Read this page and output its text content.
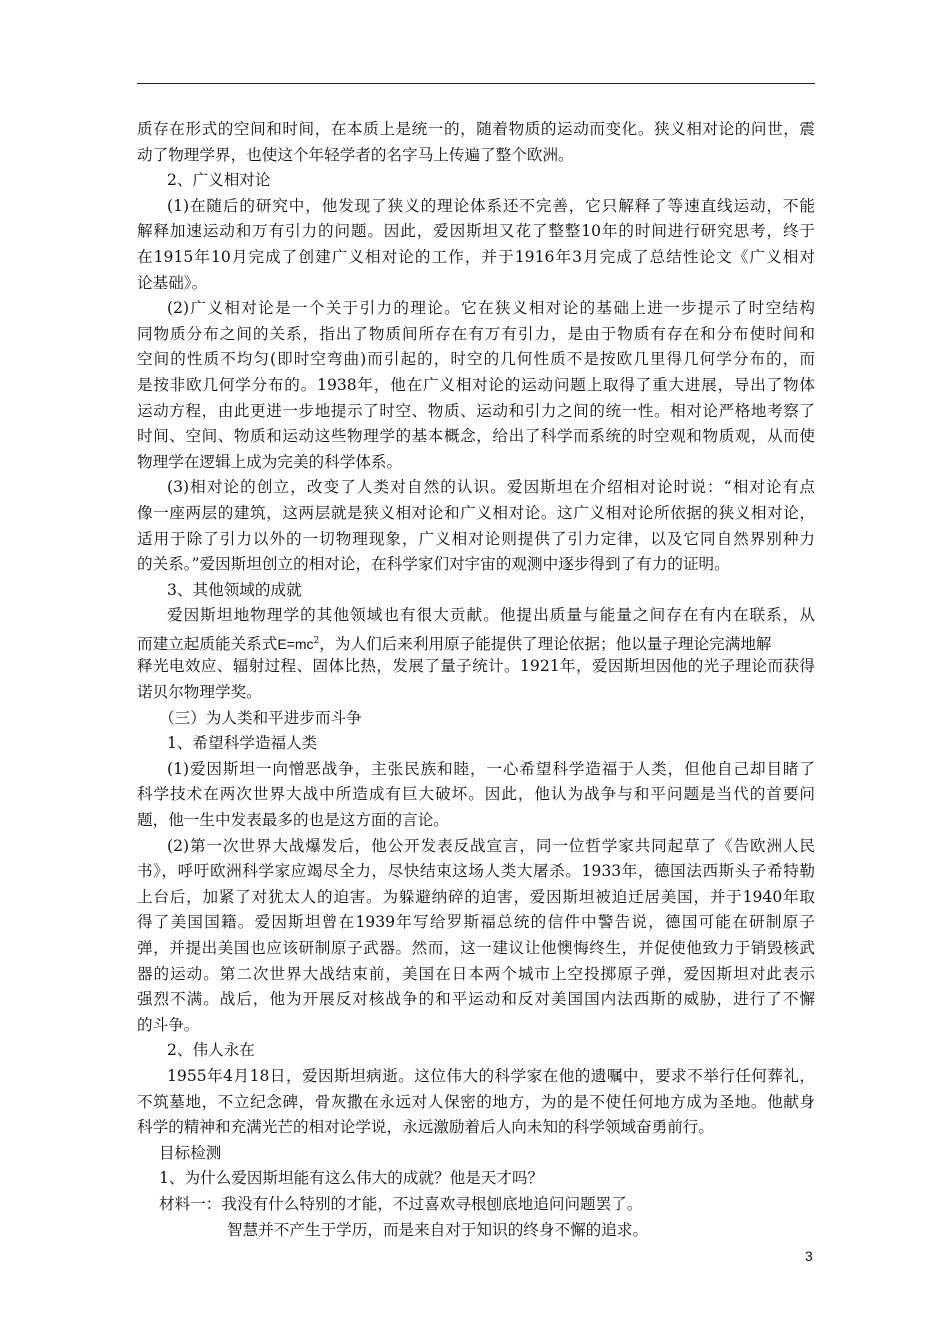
质存在形式的空间和时间，在本质上是统一的，随着物质的运动而变化。狭义相对论的问世，震
动了物理学界，也使这个年轻学者的名字马上传遍了整个欧洲。
2、广义相对论
(1)在随后的研究中，他发现了狭义的理论体系还不完善，它只解释了等速直线运动，不能
解释加速运动和万有引力的问题。因此，爱因斯坦又花了整整10年的时间进行研究思考，终于
在1915年10月完成了创建广义相对论的工作，并于1916年3月完成了总结性论文《广义相对
论基础》。
(2)广义相对论是一个关于引力的理论。它在狭义相对论的基础上进一步提示了时空结构
同物质分布之间的关系，指出了物质间所存在有万有引力，是由于物质有存在和分布使时间和
空间的性质不均匀(即时空弯曲)而引起的，时空的几何性质不是按欧几里得几何学分布的，而
是按非欧几何学分布的。1938年，他在广义相对论的运动问题上取得了重大进展，导出了物体
运动方程，由此更进一步地提示了时空、物质、运动和引力之间的统一性。相对论严格地考察了
时间、空间、物质和运动这些物理学的基本概念，给出了科学而系统的时空观和物质观，从而使
物理学在逻辑上成为完美的科学体系。
(3)相对论的创立，改变了人类对自然的认识。爱因斯坦在介绍相对论时说：“相对论有点
像一座两层的建筑，这两层就是狭义相对论和广义相对论。这广义相对论所依据的狭义相对论，
适用于除了引力以外的一切物理现象，广义相对论则提供了引力定律，以及它同自然界别种力
的关系。”爱因斯坦创立的相对论，在科学家们对宇宙的观测中逐步得到了有力的证明。
3、其他领域的成就
爱因斯坦地物理学的其他领域也有很大贡献。他提出质量与能量之间存在有内在联系，从
而建立起质能关系式$E=mc^2$，为人们后来利用原子能提供了理论依据；他以量子理论完满地解
释光电效应、辐射过程、固体比热，发展了量子统计。1921年，爱因斯坦因他的光子理论而获得
诺贝尔物理学奖。
（三）为人类和平进步而斗争
1、希望科学造福人类
(1)爱因斯坦一向憎恶战争，主张民族和睦，一心希望科学造福于人类，但他自己却目睹了
科学技术在两次世界大战中所造成有巨大破坏。因此，他认为战争与和平问题是当代的首要问
题，他一生中发表最多的也是这方面的言论。
(2)第一次世界大战爆发后，他公开发表反战宣言，同一位哲学家共同起草了《告欧洲人民
书》，呼吁欧洲科学家应竭尽全力，尽快结束这场人类大屠杀。1933年，德国法西斯头子希特勒
上台后，加紧了对犹太人的迫害。为躲避纳碎的迫害，爱因斯坦被迫迁居美国，并于1940年取
得了美国国籍。爱因斯坦曾在1939年写给罗斯福总统的信件中警告说，德国可能在研制原子
弹，并提出美国也应该研制原子武器。然而，这一建议让他懊悔终生，并促使他致力于销毁核武
器的运动。第二次世界大战结束前，美国在日本两个城市上空投掷原子弹，爱因斯坦对此表示
强烈不满。战后，他为开展反对核战争的和平运动和反对美国国内法西斯的威胁，进行了不懈
的斗争。
2、伟人永在
1955年4月18日，爱因斯坦病逝。这位伟大的科学家在他的遗嘱中，要求不举行任何葬礼，
不筑墓地，不立纪念碑，骨灰撒在永远对人保密的地方，为的是不使任何地方成为圣地。他献身
科学的精神和充满光芒的相对论学说，永远激励着后人向未知的科学领域奋勇前行。
目标检测
1、为什么爱因斯坦能有这么伟大的成就？他是天才吗？
材料一：我没有什么特别的才能，不过喜欢寻根刨底地追问问题罢了。
智慧并不产生于学历，而是来自对于知识的终身不懈的追求。
3
